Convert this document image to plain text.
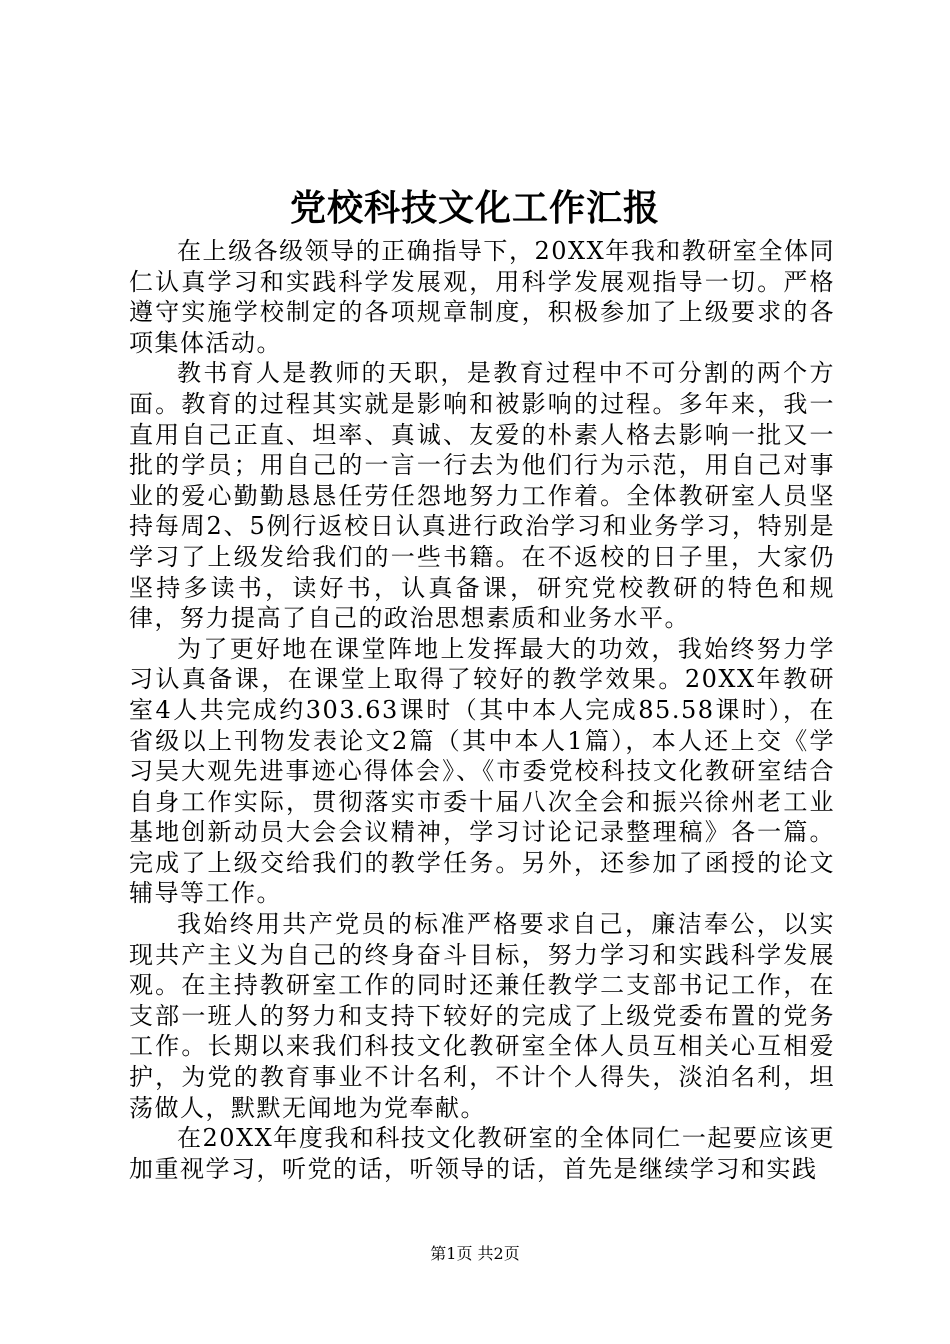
党校科技文化工作汇报

在上级各级领导的正确指导下，20XX年我和教研室全体同仁认真学习和实践科学发展观，用科学发展观指导一切。严格遵守实施学校制定的各项规章制度，积极参加了上级要求的各项集体活动。

教书育人是教师的天职，是教育过程中不可分割的两个方面。教育的过程其实就是影响和被影响的过程。多年来，我一直用自己正直、坦率、真诚、友爱的朴素人格去影响一批又一批的学员；用自己的一言一行去为他们行为示范，用自己对事业的爱心勤勤恳恳任劳任怨地努力工作着。全体教研室人员坚持每周2、5例行返校日认真进行政治学习和业务学习，特别是学习了上级发给我们的一些书籍。在不返校的日子里，大家仍坚持多读书，读好书，认真备课，研究党校教研的特色和规律，努力提高了自己的政治思想素质和业务水平。

为了更好地在课堂阵地上发挥最大的功效，我始终努力学习认真备课，在课堂上取得了较好的教学效果。20XX年教研室4人共完成约303.63课时（其中本人完成85.58课时），在省级以上刊物发表论文2篇（其中本人1篇），本人还上交《学习吴大观先进事迹心得体会》、《市委党校科技文化教研室结合自身工作实际，贯彻落实市委十届八次全会和振兴徐州老工业基地创新动员大会会议精神，学习讨论记录整理稿》各一篇。完成了上级交给我们的教学任务。另外，还参加了函授的论文辅导等工作。

我始终用共产党员的标准严格要求自己，廉洁奉公，以实现共产主义为自己的终身奋斗目标，努力学习和实践科学发展观。在主持教研室工作的同时还兼任教学二支部书记工作，在支部一班人的努力和支持下较好的完成了上级党委布置的党务工作。长期以来我们科技文化教研室全体人员互相关心互相爱护，为党的教育事业不计名利，不计个人得失，淡泊名利，坦荡做人，默默无闻地为党奉献。

在20XX年度我和科技文化教研室的全体同仁一起要应该更加重视学习，听党的话，听领导的话，首先是继续学习和实践

第1页 共2页
